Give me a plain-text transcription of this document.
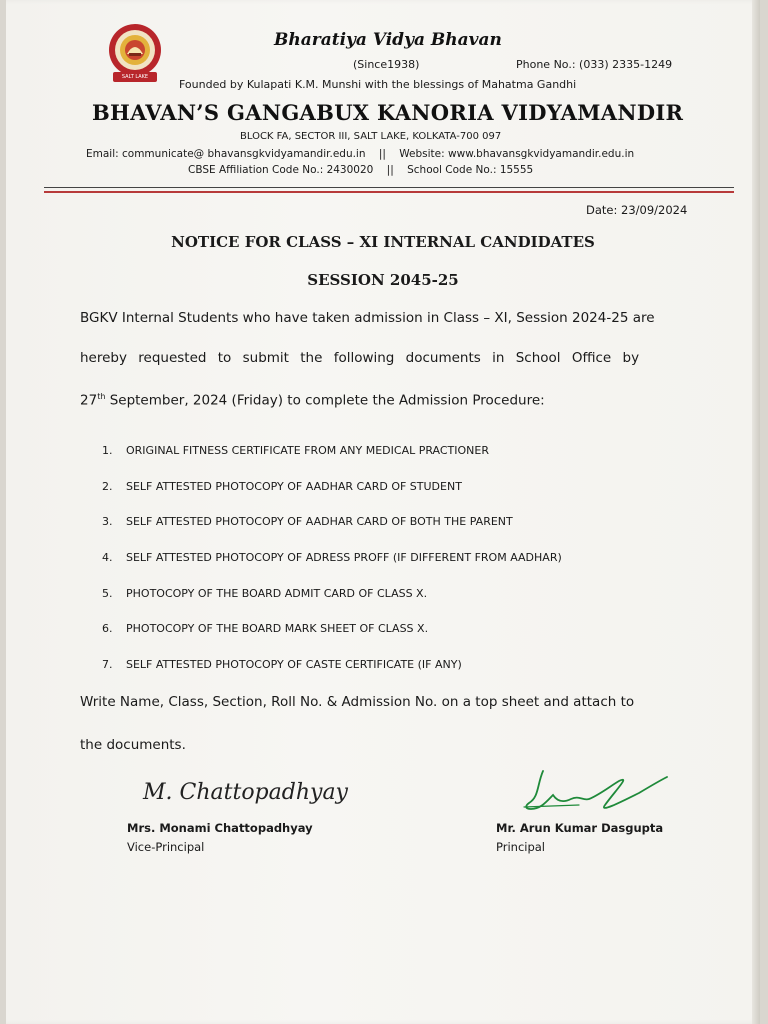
SALT LAKE
Bharatiya Vidya Bhavan
(Since1938)	Phone No.: (033) 2335-1249
Founded by Kulapati K.M. Munshi with the blessings of Mahatma Gandhi
BHAVAN’S GANGABUX KANORIA VIDYAMANDIR
BLOCK FA, SECTOR III, SALT LAKE, KOLKATA-700 097
Email: communicate@ bhavansgkvidyamandir.edu.in    ||    Website: www.bhavansgkvidyamandir.edu.in
CBSE Affiliation Code No.: 2430020    ||    School Code No.: 15555
Date: 23/09/2024
NOTICE FOR CLASS – XI INTERNAL CANDIDATES
SESSION 2045-25
BGKV Internal Students who have taken admission in Class – XI, Session 2024-25 are
hereby requested to submit the following documents in School Office by
27th September, 2024 (Friday) to complete the Admission Procedure:
1. ORIGINAL FITNESS CERTIFICATE FROM ANY MEDICAL PRACTIONER
2. SELF ATTESTED PHOTOCOPY OF AADHAR CARD OF STUDENT
3. SELF ATTESTED PHOTOCOPY OF AADHAR CARD OF BOTH THE PARENT
4. SELF ATTESTED PHOTOCOPY OF ADRESS PROFF (IF DIFFERENT FROM AADHAR)
5. PHOTOCOPY OF THE BOARD ADMIT CARD OF CLASS X.
6. PHOTOCOPY OF THE BOARD MARK SHEET OF CLASS X.
7. SELF ATTESTED PHOTOCOPY OF CASTE CERTIFICATE (IF ANY)
Write Name, Class, Section, Roll No. & Admission No. on a top sheet and attach to
the documents.
M. Chattopadhyay
Mrs. Monami Chattopadhyay
Vice-Principal
Mr. Arun Kumar Dasgupta
Principal
